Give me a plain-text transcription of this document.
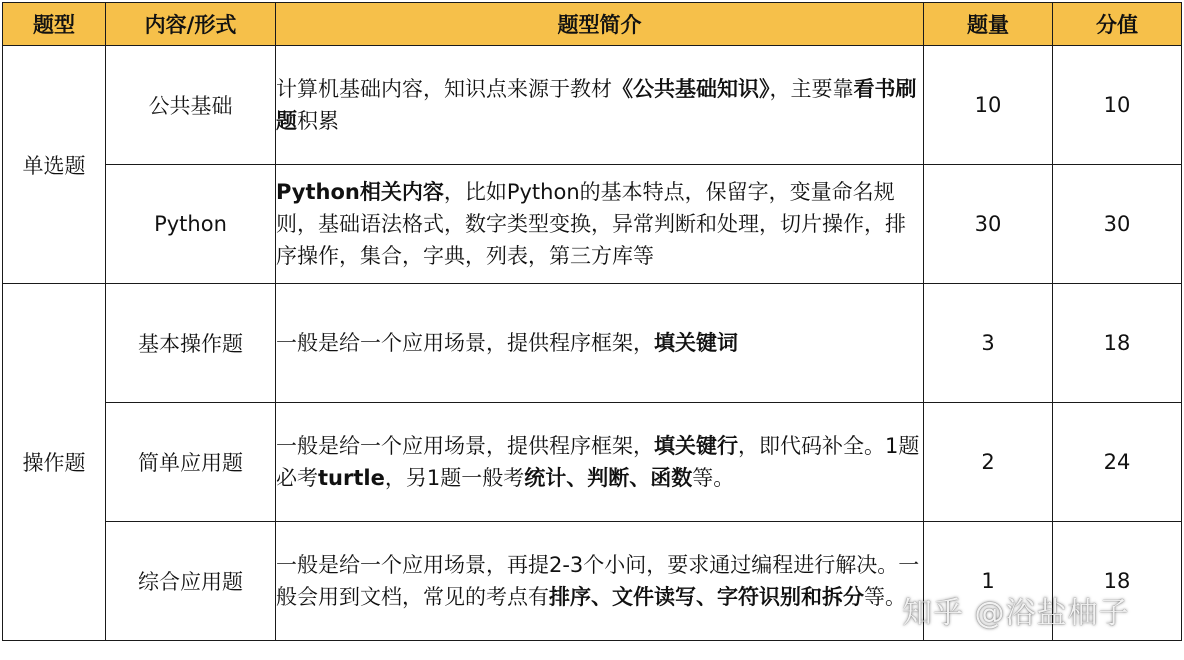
题型	内容/形式	题型简介	题量	分值
单选题	公共基础	计算机基础内容，知识点来源于教材《公共基础知识》，主要靠看书刷题积累	10	10
	Python	Python相关内容，比如Python的基本特点，保留字，变量命名规则，基础语法格式，数字类型变换，异常判断和处理，切片操作，排序操作，集合，字典，列表，第三方库等	30	30
操作题	基本操作题	一般是给一个应用场景，提供程序框架，填关键词	3	18
	简单应用题	一般是给一个应用场景，提供程序框架，填关键行，即代码补全。1题必考turtle，另1题一般考统计、判断、函数等。	2	24
	综合应用题	一般是给一个应用场景，再提2-3个小问，要求通过编程进行解决。一般会用到文档，常见的考点有排序、文件读写、字符识别和拆分等。	1	18
知乎 @浴盐柚子
